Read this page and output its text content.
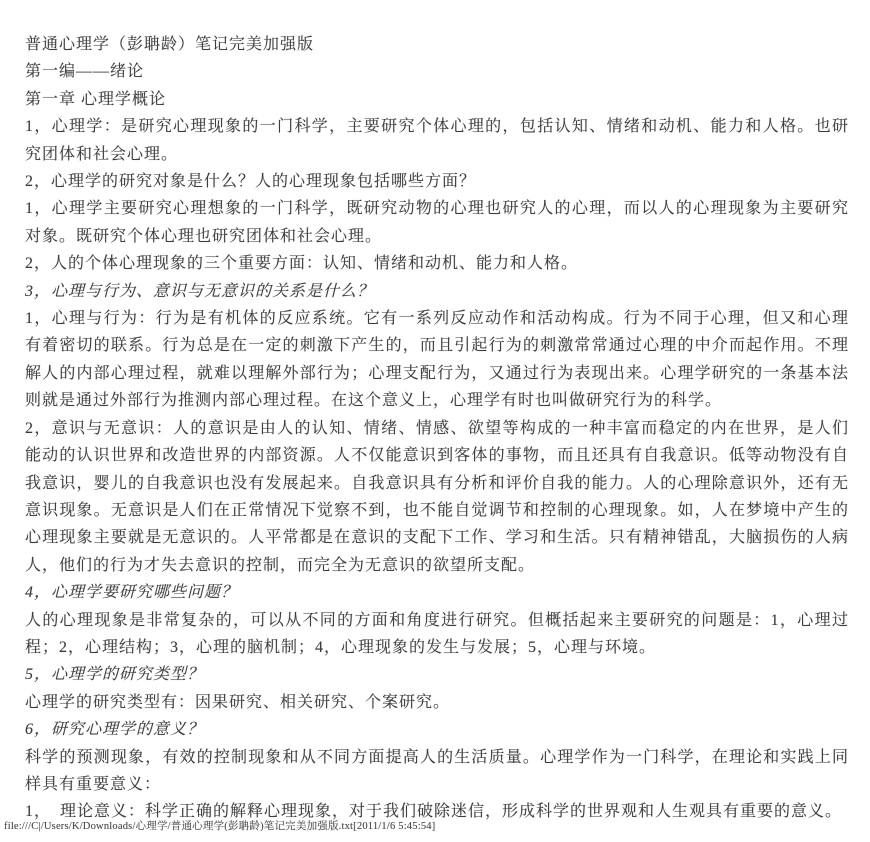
普通心理学（彭聃龄）笔记完美加强版

第一编——绪论

第一章 心理学概论

1，心理学：是研究心理现象的一门科学，主要研究个体心理的，包括认知、情绪和动机、能力和人格。也研究团体和社会心理。

2，心理学的研究对象是什么？人的心理现象包括哪些方面？

1，心理学主要研究心理想象的一门科学，既研究动物的心理也研究人的心理，而以人的心理现象为主要研究对象。既研究个体心理也研究团体和社会心理。

2，人的个体心理现象的三个重要方面：认知、情绪和动机、能力和人格。

3，心理与行为、意识与无意识的关系是什么？

1，心理与行为：行为是有机体的反应系统。它有一系列反应动作和活动构成。行为不同于心理，但又和心理有着密切的联系。行为总是在一定的刺激下产生的，而且引起行为的刺激常常通过心理的中介而起作用。不理解人的内部心理过程，就难以理解外部行为；心理支配行为，又通过行为表现出来。心理学研究的一条基本法则就是通过外部行为推测内部心理过程。在这个意义上，心理学有时也叫做研究行为的科学。

2，意识与无意识：人的意识是由人的认知、情绪、情感、欲望等构成的一种丰富而稳定的内在世界，是人们能动的认识世界和改造世界的内部资源。人不仅能意识到客体的事物，而且还具有自我意识。低等动物没有自我意识，婴儿的自我意识也没有发展起来。自我意识具有分析和评价自我的能力。人的心理除意识外，还有无意识现象。无意识是人们在正常情况下觉察不到，也不能自觉调节和控制的心理现象。如，人在梦境中产生的心理现象主要就是无意识的。人平常都是在意识的支配下工作、学习和生活。只有精神错乱，大脑损伤的人病人，他们的行为才失去意识的控制，而完全为无意识的欲望所支配。

4，心理学要研究哪些问题？

人的心理现象是非常复杂的，可以从不同的方面和角度进行研究。但概括起来主要研究的问题是：1，心理过程；2，心理结构；3，心理的脑机制；4，心理现象的发生与发展；5，心理与环境。

5，心理学的研究类型？

心理学的研究类型有：因果研究、相关研究、个案研究。

6，研究心理学的意义？

科学的预测现象，有效的控制现象和从不同方面提高人的生活质量。心理学作为一门科学，在理论和实践上同样具有重要意义：

1，　理论意义：科学正确的解释心理现象，对于我们破除迷信，形成科学的世界观和人生观具有重要的意义。

file:///C|/Users/K/Downloads/心理学/普通心理学(彭聃龄)笔记完美加强版.txt[2011/1/6 5:45:54]
